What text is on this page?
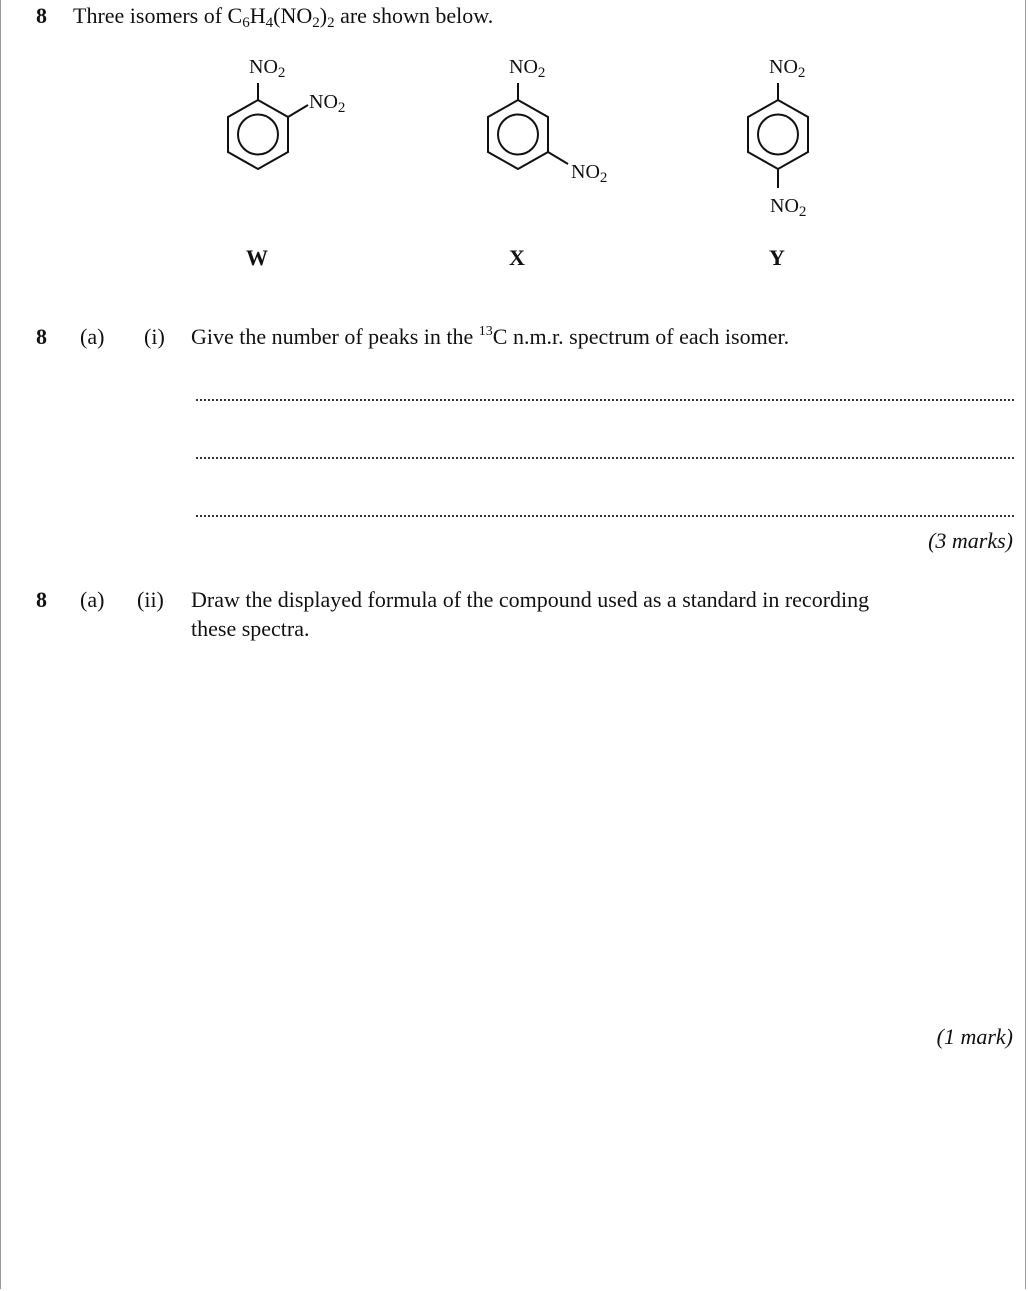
8 Three isomers of $C_6H_4(NO_2)_2$ are shown below.
$NO_2$
$NO_2$
$NO_2$
$NO_2$
$NO_2$
$NO_2$
W	X	Y
8 (a) (i) Give the number of peaks in the $^{13}$C n.m.r. spectrum of each isomer.
(3 marks)
8 (a) (ii) Draw the displayed formula of the compound used as a standard in recording
these spectra.
(1 mark)
